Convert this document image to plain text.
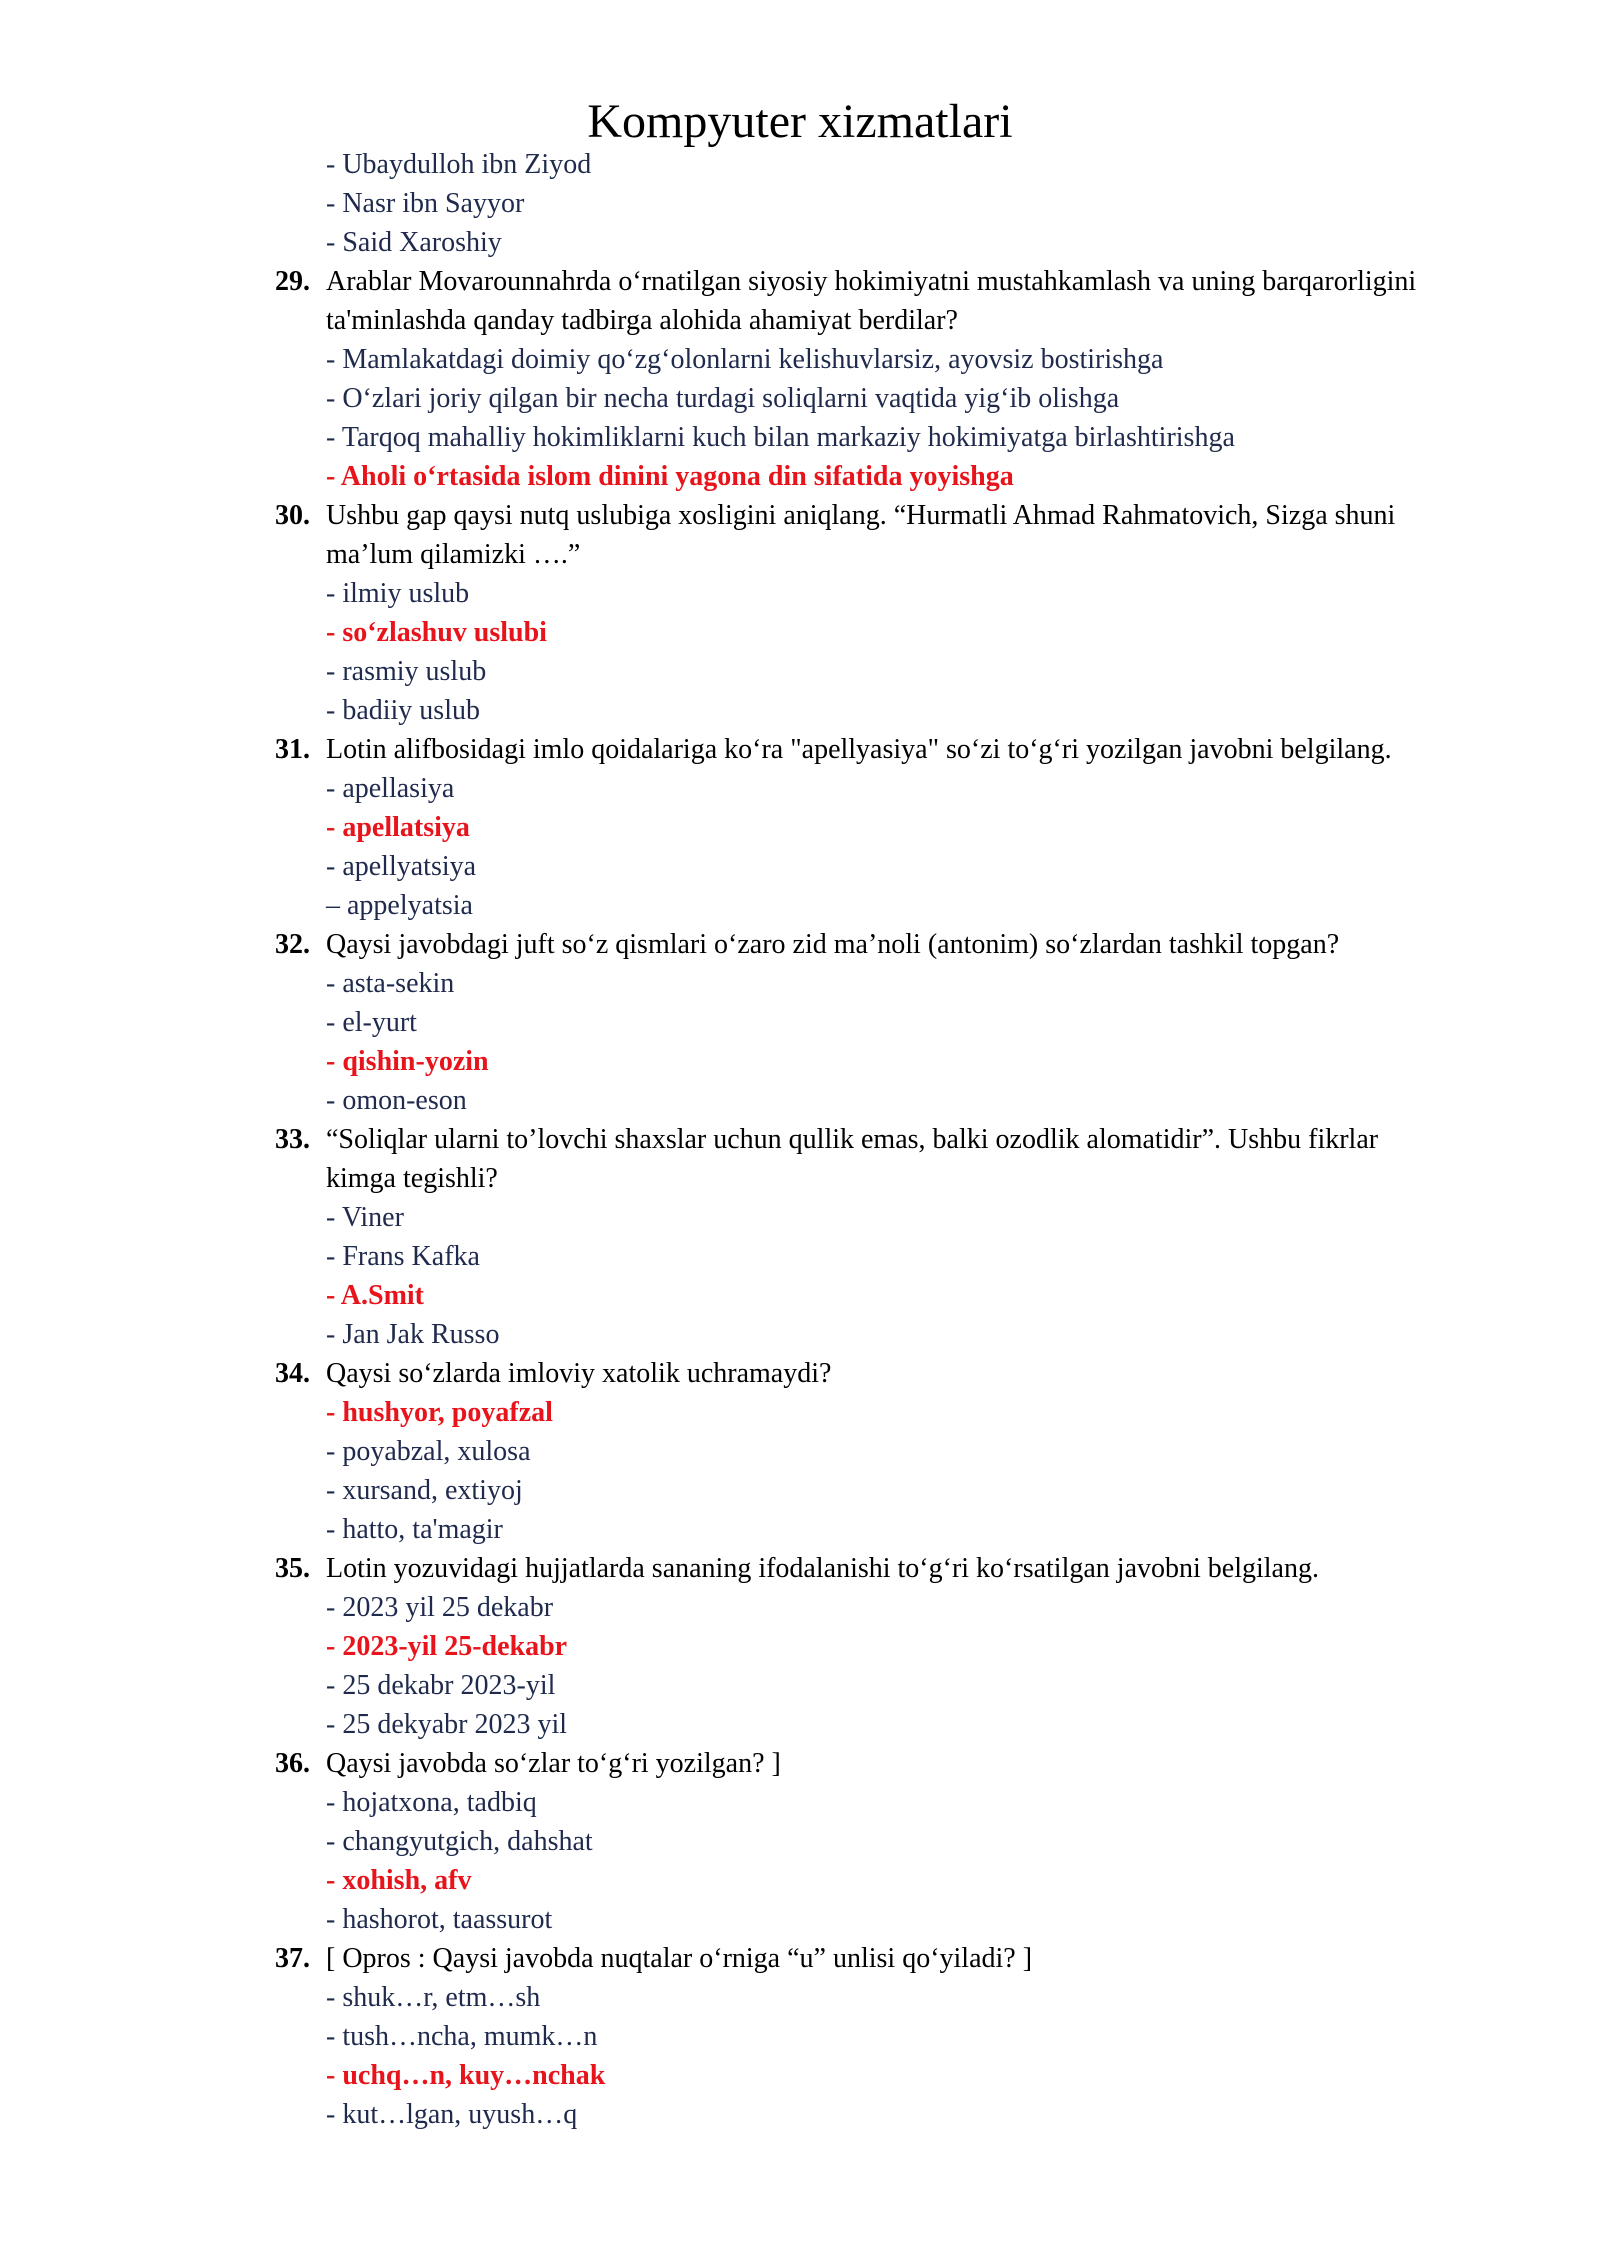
Kompyuter xizmatlari
- Ubaydulloh ibn Ziyod
- Nasr ibn Sayyor
- Said Xaroshiy
29. Arablar Movarounnahrda o‘rnatilgan siyosiy hokimiyatni mustahkamlash va uning barqarorligini
ta'minlashda qanday tadbirga alohida ahamiyat berdilar?
- Mamlakatdagi doimiy qo‘zg‘olonlarni kelishuvlarsiz, ayovsiz bostirishga
- O‘zlari joriy qilgan bir necha turdagi soliqlarni vaqtida yig‘ib olishga
- Tarqoq mahalliy hokimliklarni kuch bilan markaziy hokimiyatga birlashtirishga
- Aholi o‘rtasida islom dinini yagona din sifatida yoyishga
30. Ushbu gap qaysi nutq uslubiga xosligini aniqlang. “Hurmatli Ahmad Rahmatovich, Sizga shuni
ma’lum qilamizki ….”
- ilmiy uslub
- so‘zlashuv uslubi
- rasmiy uslub
- badiiy uslub
31. Lotin alifbosidagi imlo qoidalariga ko‘ra "apellyasiya" so‘zi to‘g‘ri yozilgan javobni belgilang.
- apellasiya
- apellatsiya
- apellyatsiya
– appelyatsia
32. Qaysi javobdagi juft so‘z qismlari o‘zaro zid ma’noli (antonim) so‘zlardan tashkil topgan?
- asta-sekin
- el-yurt
- qishin-yozin
- omon-eson
33. “Soliqlar ularni to’lovchi shaxslar uchun qullik emas, balki ozodlik alomatidir”. Ushbu fikrlar
kimga tegishli?
- Viner
- Frans Kafka
- A.Smit
- Jan Jak Russo
34. Qaysi so‘zlarda imloviy xatolik uchramaydi?
- hushyor, poyafzal
- poyabzal, xulosa
- xursand, extiyoj
- hatto, ta'magir
35. Lotin yozuvidagi hujjatlarda sananing ifodalanishi to‘g‘ri ko‘rsatilgan javobni belgilang.
- 2023 yil 25 dekabr
- 2023-yil 25-dekabr
- 25 dekabr 2023-yil
- 25 dekyabr 2023 yil
36. Qaysi javobda so‘zlar to‘g‘ri yozilgan? ]
- hojatxona, tadbiq
- changyutgich, dahshat
- xohish, afv
- hashorot, taassurot
37. [ Opros : Qaysi javobda nuqtalar o‘rniga “u” unlisi qo‘yiladi? ]
- shuk…r, etm…sh
- tush…ncha, mumk…n
- uchq…n, kuy…nchak
- kut…lgan, uyush…q
